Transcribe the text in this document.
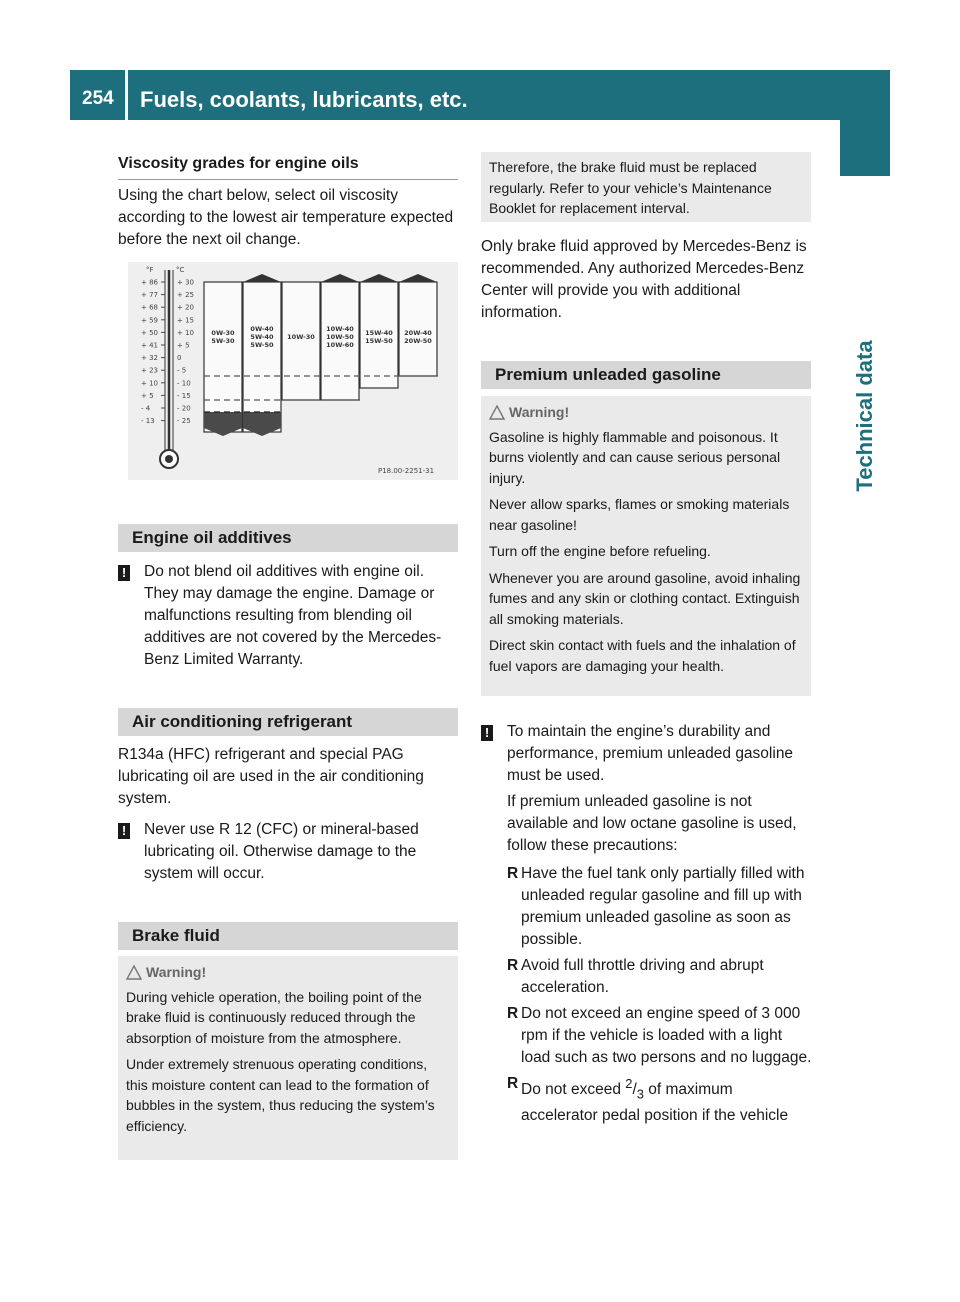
254	Fuels, coolants, lubricants, etc.
Technical data
Viscosity grades for engine oils
Using the chart below, select oil viscosity according to the lowest air temperature expected before the next oil change.
°F	°C
+ 86
+ 77
+ 68
+ 59
+ 50
+ 41
+ 32
+ 23
+ 10
+ 5
- 4
- 13
+ 30
+ 25
+ 20
+ 15
+ 10
+ 5
0
- 5
- 10
- 15
- 20
- 25
0W-30
5W-30
0W-40
5W-40
5W-50
10W-30
10W-40
10W-50
10W-60
15W-40
15W-50
20W-40
20W-50
P18.00-2251-31
Engine oil additives
! Do not blend oil additives with engine oil. They may damage the engine. Damage or malfunctions resulting from blending oil additives are not covered by the Mercedes-Benz Limited Warranty.
Air conditioning refrigerant
R134a (HFC) refrigerant and special PAG lubricating oil are used in the air conditioning system.
! Never use R 12 (CFC) or mineral-based lubricating oil. Otherwise damage to the system will occur.
Brake fluid
Warning!

During vehicle operation, the boiling point of the brake fluid is continuously reduced through the absorption of moisture from the atmosphere.

Under extremely strenuous operating conditions, this moisture content can lead to the formation of bubbles in the system, thus reducing the system’s efficiency.

Therefore, the brake fluid must be replaced regularly. Refer to your vehicle’s Maintenance Booklet for replacement interval.

Only brake fluid approved by Mercedes-Benz is recommended. Any authorized Mercedes-Benz Center will provide you with additional information.
Premium unleaded gasoline
Warning!

Gasoline is highly flammable and poisonous. It burns violently and can cause serious personal injury.

Never allow sparks, flames or smoking materials near gasoline!

Turn off the engine before refueling.

Whenever you are around gasoline, avoid inhaling fumes and any skin or clothing contact. Extinguish all smoking materials.

Direct skin contact with fuels and the inhalation of fuel vapors are damaging your health.

! To maintain the engine’s durability and performance, premium unleaded gasoline must be used.
If premium unleaded gasoline is not available and low octane gasoline is used, follow these precautions:
R Have the fuel tank only partially filled with unleaded regular gasoline and fill up with premium unleaded gasoline as soon as possible.
R Avoid full throttle driving and abrupt acceleration.
R Do not exceed an engine speed of 3 000 rpm if the vehicle is loaded with a light load such as two persons and no luggage.
R Do not exceed $^2/_3$ of maximum accelerator pedal position if the vehicle
